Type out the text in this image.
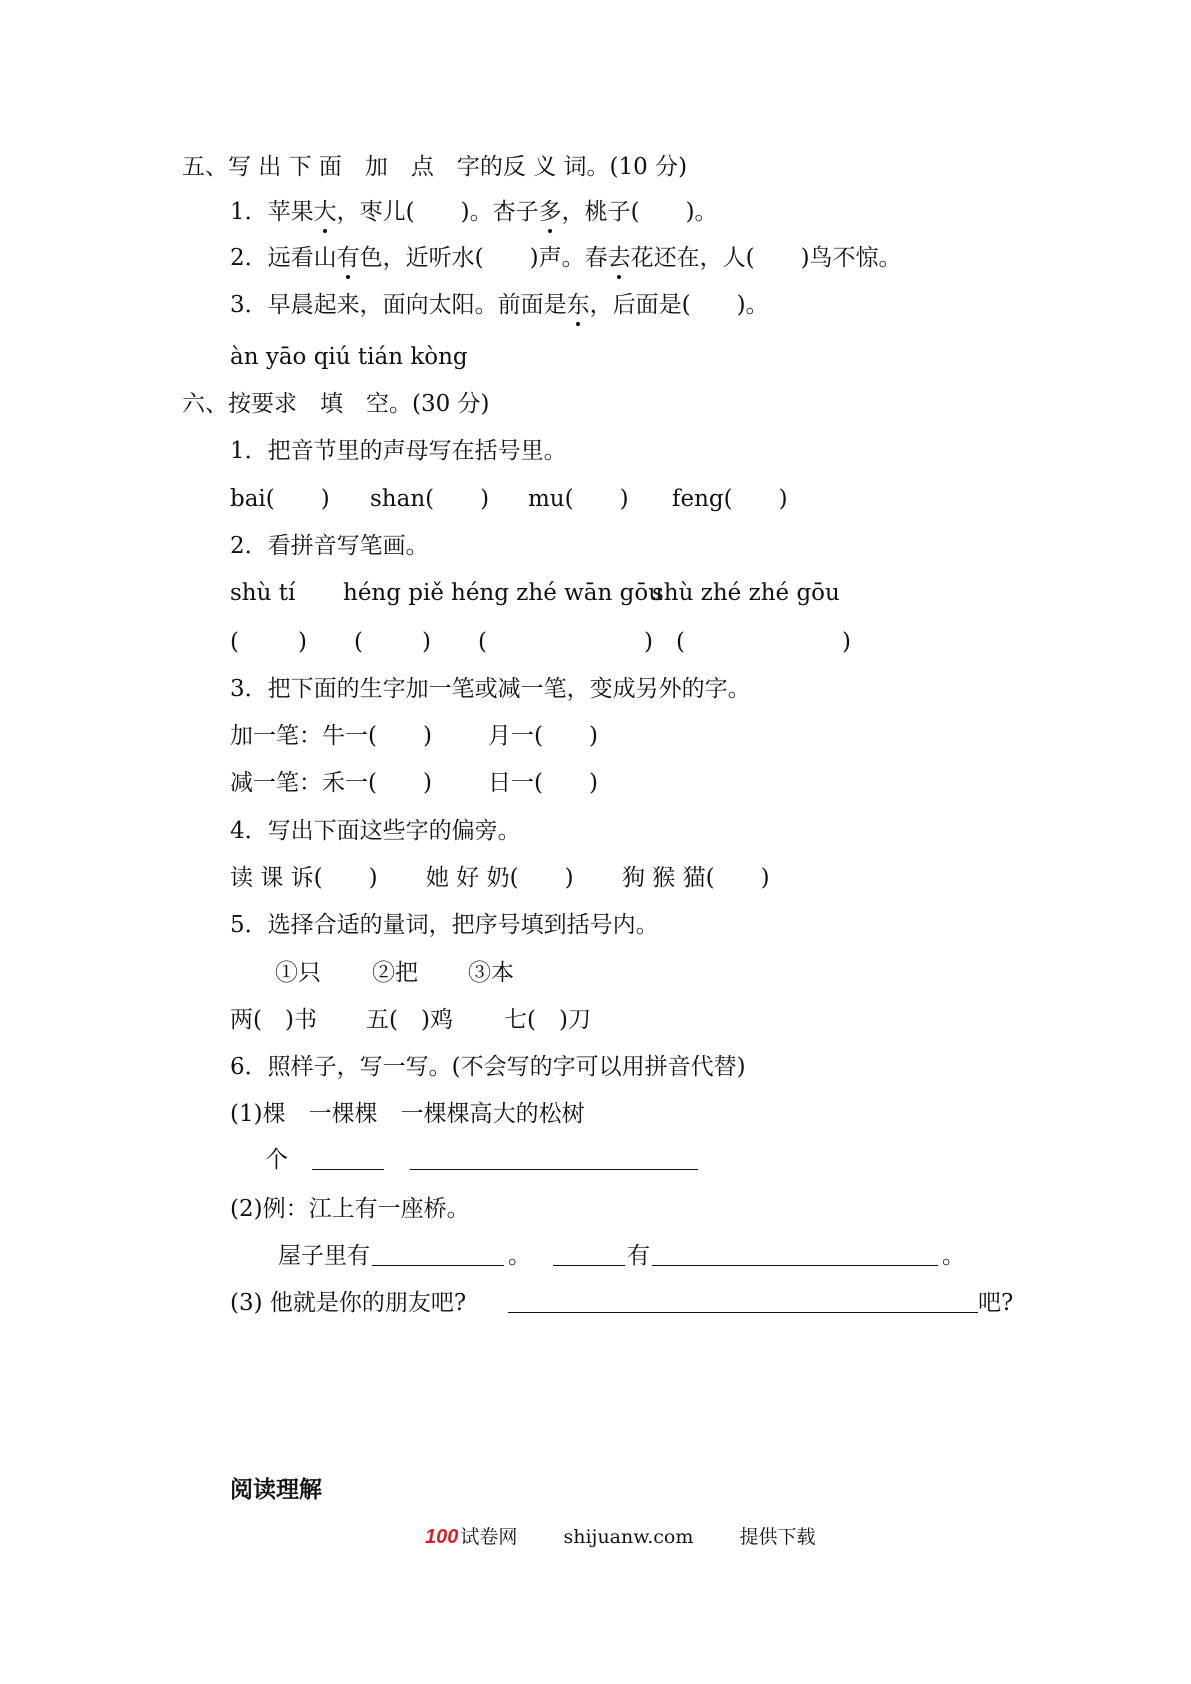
五、写 出 下 面　加　点　字的反 义 词。(10 分)
1．苹果大，枣儿(　　)。杏子多，桃子(　　)。
2．远看山有色，近听水(　　)声。春去花还在，人(　　)鸟不惊。
3．早晨起来，面向太阳。前面是东，后面是(　　)。
àn yāo qiú tián kòng
六、按要求　填　空。(30 分)
1．把音节里的声母写在括号里。
bai(　　) shan(　　) mu(　　) feng(　　)
2．看拼音写笔画。
shù tí héng piě héng zhé wān gōu
shù zhé zhé gōu
(	) (	) (	) (	)
3．把下面的生字加一笔或减一笔，变成另外的字。
加一笔：牛一(　　) 月一(　　)
减一笔：禾一(　　) 日一(　　)
4．写出下面这些字的偏旁。
读 课 诉(　　) 她 好 奶(　　) 狗 猴 猫(　　)
5．选择合适的量词，把序号填到括号内。
①只 ②把 ③本
两(　)书 五(　)鸡 七(　)刀
6．照样子，写一写。(不会写的字可以用拼音代替)
(1)棵　一棵棵　一棵棵高大的松树
个
(2)例：江上有一座桥。
屋子里有	。	有	。
(3) 他就是你的朋友吧?	吧?
阅读理解
100 试卷网 shijuanw.com 提供下载
